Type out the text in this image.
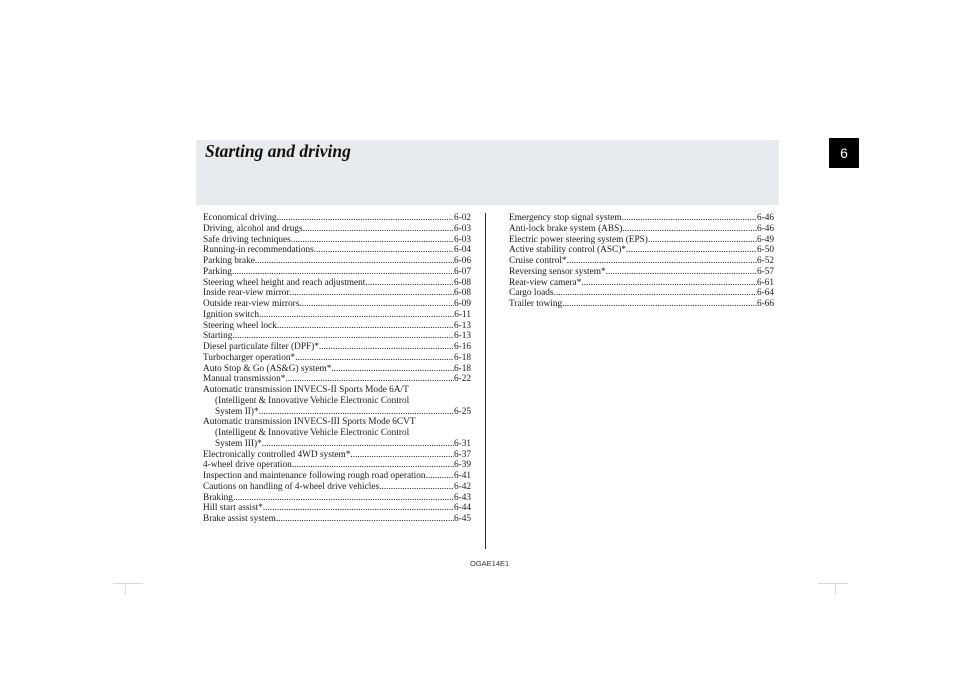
Starting and driving	6
Economical driving .....	6-02
Driving, alcohol and drugs .....	6-03
Safe driving techniques .....	6-03
Running-in recommendations .....	6-04
Parking brake .....	6-06
Parking .....	6-07
Steering wheel height and reach adjustment .....	6-08
Inside rear-view mirror .....	6-08
Outside rear-view mirrors .....	6-09
Ignition switch .....	6-11
Steering wheel lock .....	6-13
Starting .....	6-13
Diesel particulate filter (DPF)* .....	6-16
Turbocharger operation* .....	6-18
Auto Stop & Go (AS&G) system* .....	6-18
Manual transmission* .....	6-22
Automatic transmission INVECS-II Sports Mode 6A/T
(Intelligent & Innovative Vehicle Electronic Control
System II)* .....	6-25
Automatic transmission INVECS-III Sports Mode 6CVT
(Intelligent & Innovative Vehicle Electronic Control
System III)* .....	6-31
Electronically controlled 4WD system* .....	6-37
4-wheel drive operation .....	6-39
Inspection and maintenance following rough road operation .....	6-41
Cautions on handling of 4-wheel drive vehicles .....	6-42
Braking .....	6-43
Hill start assist* .....	6-44
Brake assist system .....	6-45
Emergency stop signal system .....	6-46
Anti-lock brake system (ABS) .....	6-46
Electric power steering system (EPS) .....	6-49
Active stability control (ASC)* .....	6-50
Cruise control* .....	6-52
Reversing sensor system* .....	6-57
Rear-view camera* .....	6-61
Cargo loads .....	6-64
Trailer towing .....	6-66
OGAE14E1
